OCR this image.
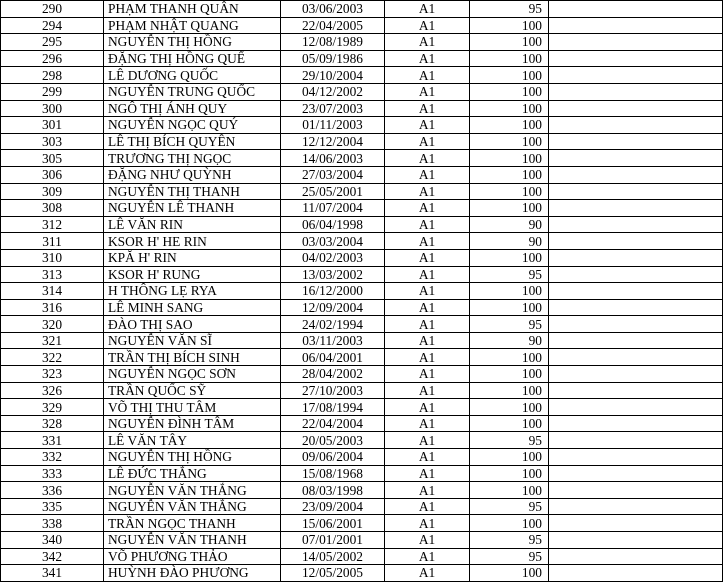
290	PHẠM THANH QUÂN	03/06/2003	A1	95	
294	PHẠM NHẬT QUANG	22/04/2005	A1	100	
295	NGUYỄN THỊ HỒNG	12/08/1989	A1	100	
296	ĐẶNG THỊ HỒNG QUẾ	05/09/1986	A1	100	
298	LÊ DƯƠNG QUỐC	29/10/2004	A1	100	
299	NGUYỄN TRUNG QUỐC	04/12/2002	A1	100	
300	NGÔ THỊ ÁNH QUY	23/07/2003	A1	100	
301	NGUYỄN NGỌC QUÝ	01/11/2003	A1	100	
303	LÊ THỊ BÍCH QUYÊN	12/12/2004	A1	100	
305	TRƯƠNG THỊ NGỌC	14/06/2003	A1	100	
306	ĐẶNG NHƯ QUỲNH	27/03/2004	A1	100	
309	NGUYỄN THỊ THANH	25/05/2001	A1	100	
308	NGUYỄN LÊ THANH	11/07/2004	A1	100	
312	LÊ VĂN RIN	06/04/1998	A1	90	
311	KSOR H' HE RIN	03/03/2004	A1	90	
310	KPĂ H' RIN	04/02/2003	A1	100	
313	KSOR H' RUNG	13/03/2002	A1	95	
314	H THÔNG LẸ RYA	16/12/2000	A1	100	
316	LÊ MINH SANG	12/09/2004	A1	100	
320	ĐÀO THỊ SAO	24/02/1994	A1	95	
321	NGUYỄN VĂN SĨ	03/11/2003	A1	90	
322	TRẦN THỊ BÍCH SINH	06/04/2001	A1	100	
323	NGUYỄN NGỌC SƠN	28/04/2002	A1	100	
326	TRẦN QUỐC SỸ	27/10/2003	A1	100	
329	VÕ THỊ THU TÂM	17/08/1994	A1	100	
328	NGUYỄN ĐÌNH TÂM	22/04/2004	A1	100	
331	LÊ VĂN TÂY	20/05/2003	A1	95	
332	NGUYỄN THỊ HỒNG	09/06/2004	A1	100	
333	LÊ ĐỨC THẮNG	15/08/1968	A1	100	
336	NGUYỄN VĂN THẮNG	08/03/1998	A1	100	
335	NGUYỄN VĂN THẮNG	23/09/2004	A1	95	
338	TRẦN NGỌC THANH	15/06/2001	A1	100	
340	NGUYỄN VĂN THANH	07/01/2001	A1	95	
342	VÕ PHƯƠNG THẢO	14/05/2002	A1	95	
341	HUỲNH ĐÀO PHƯƠNG	12/05/2005	A1	100	
